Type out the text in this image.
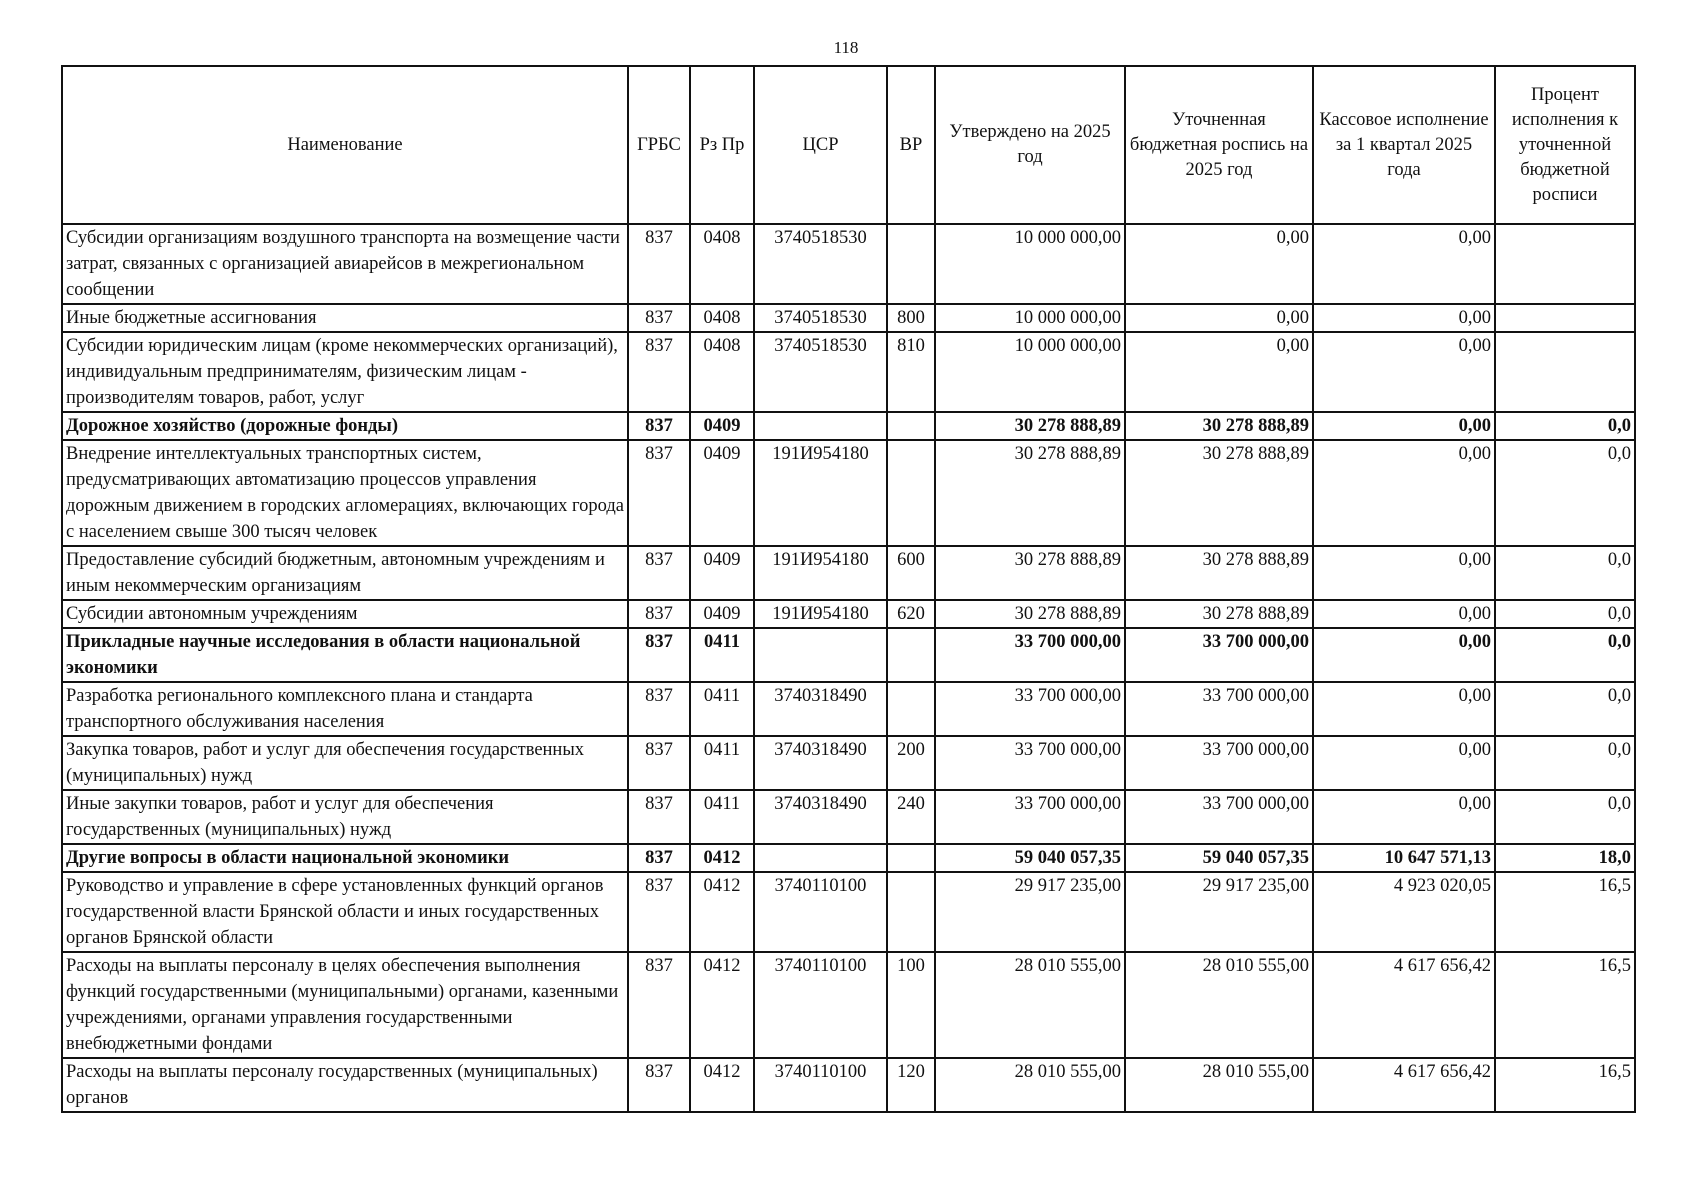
118
Наименование	ГРБС	Рз Пр	ЦСР	ВР	Утверждено на 2025 год	Уточненная бюджетная роспись на 2025 год	Кассовое исполнение за 1 квартал 2025 года	Процент исполнения к уточненной бюджетной росписи
Субсидии организациям воздушного транспорта на возмещение части затрат, связанных с организацией авиарейсов в межрегиональном сообщении	837	0408	3740518530		10 000 000,00	0,00	0,00	
Иные бюджетные ассигнования	837	0408	3740518530	800	10 000 000,00	0,00	0,00	
Субсидии юридическим лицам (кроме некоммерческих организаций), индивидуальным предпринимателям, физическим лицам - производителям товаров, работ, услуг	837	0408	3740518530	810	10 000 000,00	0,00	0,00	
Дорожное хозяйство (дорожные фонды)	837	0409			30 278 888,89	30 278 888,89	0,00	0,0
Внедрение интеллектуальных транспортных систем, предусматривающих автоматизацию процессов управления дорожным движением в городских агломерациях, включающих города с населением свыше 300 тысяч человек	837	0409	191И954180		30 278 888,89	30 278 888,89	0,00	0,0
Предоставление субсидий бюджетным, автономным учреждениям и иным некоммерческим организациям	837	0409	191И954180	600	30 278 888,89	30 278 888,89	0,00	0,0
Субсидии автономным учреждениям	837	0409	191И954180	620	30 278 888,89	30 278 888,89	0,00	0,0
Прикладные научные исследования в области национальной экономики	837	0411			33 700 000,00	33 700 000,00	0,00	0,0
Разработка регионального комплексного плана и стандарта транспортного обслуживания населения	837	0411	3740318490		33 700 000,00	33 700 000,00	0,00	0,0
Закупка товаров, работ и услуг для обеспечения государственных (муниципальных) нужд	837	0411	3740318490	200	33 700 000,00	33 700 000,00	0,00	0,0
Иные закупки товаров, работ и услуг для обеспечения государственных (муниципальных) нужд	837	0411	3740318490	240	33 700 000,00	33 700 000,00	0,00	0,0
Другие вопросы в области национальной экономики	837	0412			59 040 057,35	59 040 057,35	10 647 571,13	18,0
Руководство и управление в сфере установленных функций органов государственной власти Брянской области и иных государственных органов Брянской области	837	0412	3740110100		29 917 235,00	29 917 235,00	4 923 020,05	16,5
Расходы на выплаты персоналу в целях обеспечения выполнения функций государственными (муниципальными) органами, казенными учреждениями, органами управления государственными внебюджетными фондами	837	0412	3740110100	100	28 010 555,00	28 010 555,00	4 617 656,42	16,5
Расходы на выплаты персоналу государственных (муниципальных) органов	837	0412	3740110100	120	28 010 555,00	28 010 555,00	4 617 656,42	16,5
